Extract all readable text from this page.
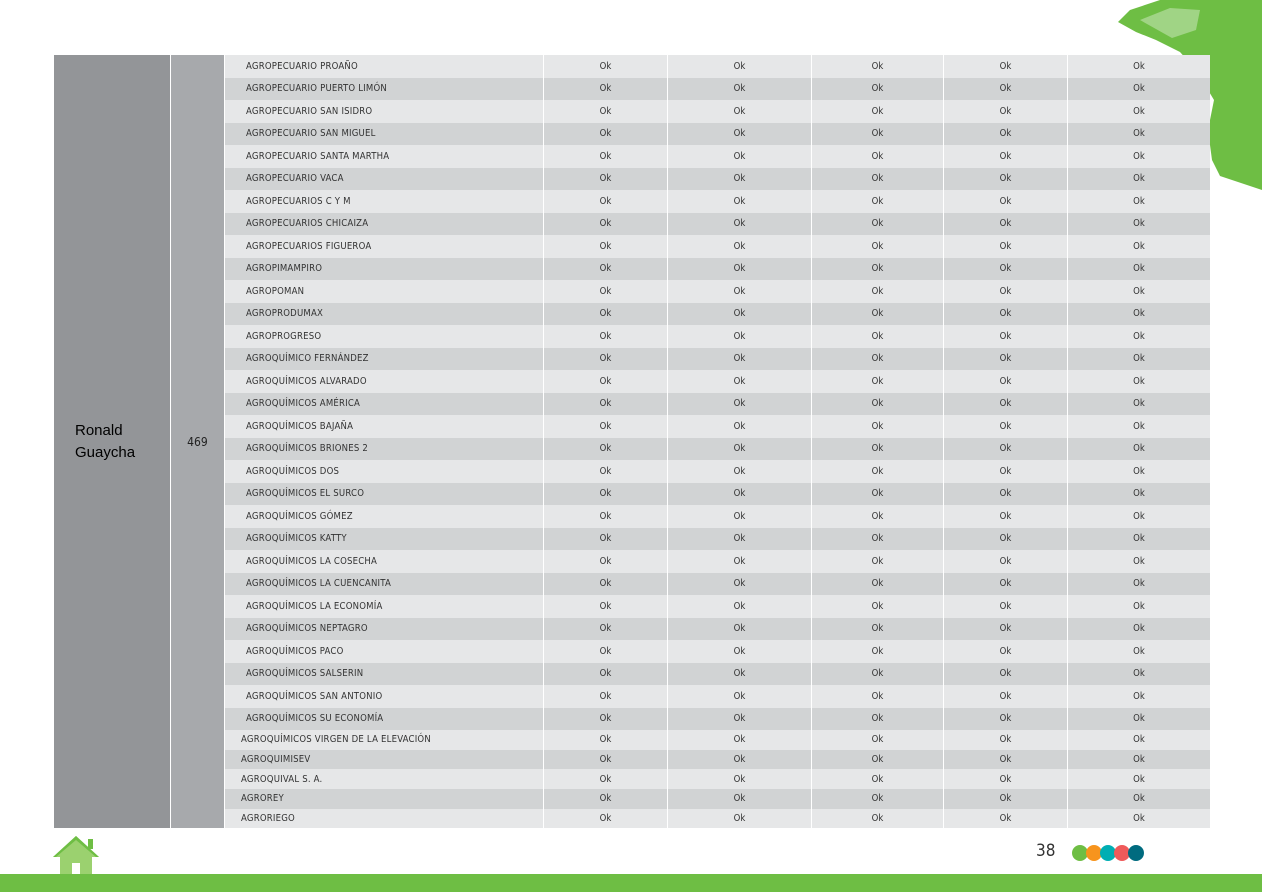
Ronald
Guaycha
469
AGROPECUARIO PROAÑO	Ok	Ok	Ok	Ok	Ok
AGROPECUARIO PUERTO LIMÓN	Ok	Ok	Ok	Ok	Ok
AGROPECUARIO SAN ISIDRO	Ok	Ok	Ok	Ok	Ok
AGROPECUARIO SAN MIGUEL	Ok	Ok	Ok	Ok	Ok
AGROPECUARIO SANTA MARTHA	Ok	Ok	Ok	Ok	Ok
AGROPECUARIO VACA	Ok	Ok	Ok	Ok	Ok
AGROPECUARIOS C Y M	Ok	Ok	Ok	Ok	Ok
AGROPECUARIOS CHICAIZA	Ok	Ok	Ok	Ok	Ok
AGROPECUARIOS FIGUEROA	Ok	Ok	Ok	Ok	Ok
AGROPIMAMPIRO	Ok	Ok	Ok	Ok	Ok
AGROPOMAN	Ok	Ok	Ok	Ok	Ok
AGROPRODUMAX	Ok	Ok	Ok	Ok	Ok
AGROPROGRESO	Ok	Ok	Ok	Ok	Ok
AGROQUÍMICO FERNÁNDEZ	Ok	Ok	Ok	Ok	Ok
AGROQUÍMICOS ALVARADO	Ok	Ok	Ok	Ok	Ok
AGROQUÍMICOS AMÉRICA	Ok	Ok	Ok	Ok	Ok
AGROQUÍMICOS BAJAÑA	Ok	Ok	Ok	Ok	Ok
AGROQUÍMICOS BRIONES 2	Ok	Ok	Ok	Ok	Ok
AGROQUÍMICOS DOS	Ok	Ok	Ok	Ok	Ok
AGROQUÍMICOS EL SURCO	Ok	Ok	Ok	Ok	Ok
AGROQUÍMICOS GÓMEZ	Ok	Ok	Ok	Ok	Ok
AGROQUÍMICOS KATTY	Ok	Ok	Ok	Ok	Ok
AGROQUÍMICOS LA COSECHA	Ok	Ok	Ok	Ok	Ok
AGROQUÍMICOS LA CUENCANITA	Ok	Ok	Ok	Ok	Ok
AGROQUÍMICOS LA ECONOMÍA	Ok	Ok	Ok	Ok	Ok
AGROQUÍMICOS NEPTAGRO	Ok	Ok	Ok	Ok	Ok
AGROQUÍMICOS PACO	Ok	Ok	Ok	Ok	Ok
AGROQUÍMICOS SALSERIN	Ok	Ok	Ok	Ok	Ok
AGROQUÍMICOS SAN ANTONIO	Ok	Ok	Ok	Ok	Ok
AGROQUÍMICOS SU ECONOMÍA	Ok	Ok	Ok	Ok	Ok
AGROQUÍMICOS VIRGEN DE LA ELEVACIÓN	Ok	Ok	Ok	Ok	Ok
AGROQUIMISEV	Ok	Ok	Ok	Ok	Ok
AGROQUIVAL S. A.	Ok	Ok	Ok	Ok	Ok
AGROREY	Ok	Ok	Ok	Ok	Ok
AGRORIEGO	Ok	Ok	Ok	Ok	Ok
38
